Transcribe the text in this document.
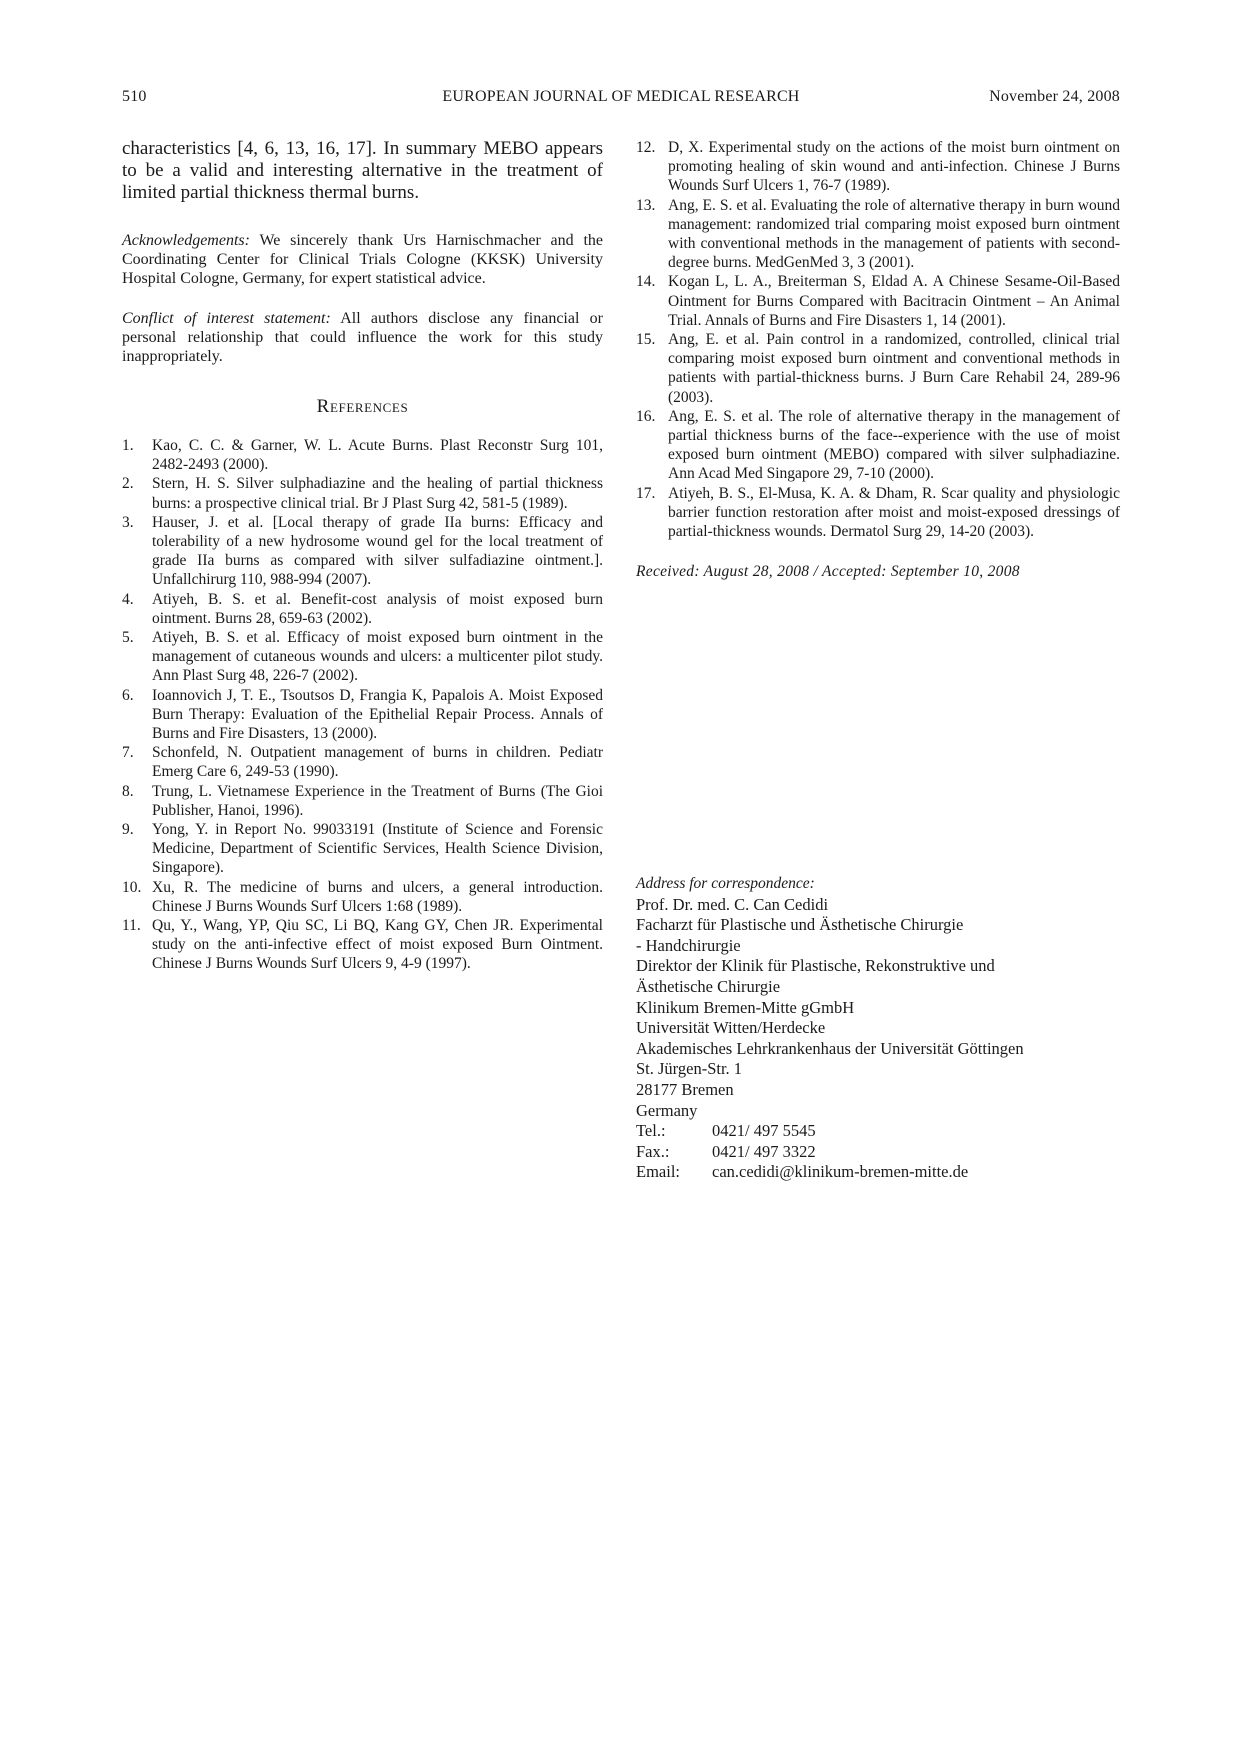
510	EUROPEAN JOURNAL OF MEDICAL RESEARCH	November 24, 2008

characteristics [4, 6, 13, 16, 17]. In summary MEBO appears to be a valid and interesting alternative in the treatment of limited partial thickness thermal burns.

Acknowledgements: We sincerely thank Urs Harnischmacher and the Coordinating Center for Clinical Trials Cologne (KKSK) University Hospital Cologne, Germany, for expert statistical advice.

Conflict of interest statement: All authors disclose any financial or personal relationship that could influence the work for this study inappropriately.

References
1.	Kao, C. C. & Garner, W. L. Acute Burns. Plast Reconstr Surg 101, 2482-2493 (2000).
2.	Stern, H. S. Silver sulphadiazine and the healing of partial thickness burns: a prospective clinical trial. Br J Plast Surg 42, 581-5 (1989).
3.	Hauser, J. et al. [Local therapy of grade IIa burns: Efficacy and tolerability of a new hydrosome wound gel for the local treatment of grade IIa burns as compared with silver sulfadiazine ointment.]. Unfallchirurg 110, 988-994 (2007).
4.	Atiyeh, B. S. et al. Benefit-cost analysis of moist exposed burn ointment. Burns 28, 659-63 (2002).
5.	Atiyeh, B. S. et al. Efficacy of moist exposed burn ointment in the management of cutaneous wounds and ulcers: a multicenter pilot study. Ann Plast Surg 48, 226-7 (2002).
6.	Ioannovich J, T. E., Tsoutsos D, Frangia K, Papalois A. Moist Exposed Burn Therapy: Evaluation of the Epithelial Repair Process. Annals of Burns and Fire Disasters, 13 (2000).
7.	Schonfeld, N. Outpatient management of burns in children. Pediatr Emerg Care 6, 249-53 (1990).
8.	Trung, L. Vietnamese Experience in the Treatment of Burns (The Gioi Publisher, Hanoi, 1996).
9.	Yong, Y. in Report No. 99033191 (Institute of Science and Forensic Medicine, Department of Scientific Services, Health Science Division, Singapore).
10. Xu, R. The medicine of burns and ulcers, a general introduction. Chinese J Burns Wounds Surf Ulcers 1:68 (1989).
11. Qu, Y., Wang, YP, Qiu SC, Li BQ, Kang GY, Chen JR. Experimental study on the anti-infective effect of moist exposed Burn Ointment. Chinese J Burns Wounds Surf Ulcers 9, 4-9 (1997).
12. D, X. Experimental study on the actions of the moist burn ointment on promoting healing of skin wound and anti-infection. Chinese J Burns Wounds Surf Ulcers 1, 76-7 (1989).
13. Ang, E. S. et al. Evaluating the role of alternative therapy in burn wound management: randomized trial comparing moist exposed burn ointment with conventional methods in the management of patients with second-degree burns. MedGenMed 3, 3 (2001).
14. Kogan L, L. A., Breiterman S, Eldad A. A Chinese Sesame-Oil-Based Ointment for Burns Compared with Bacitracin Ointment – An Animal Trial. Annals of Burns and Fire Disasters 1, 14 (2001).
15. Ang, E. et al. Pain control in a randomized, controlled, clinical trial comparing moist exposed burn ointment and conventional methods in patients with partial-thickness burns. J Burn Care Rehabil 24, 289-96 (2003).
16. Ang, E. S. et al. The role of alternative therapy in the management of partial thickness burns of the face--experience with the use of moist exposed burn ointment (MEBO) compared with silver sulphadiazine. Ann Acad Med Singapore 29, 7-10 (2000).
17. Atiyeh, B. S., El-Musa, K. A. & Dham, R. Scar quality and physiologic barrier function restoration after moist and moist-exposed dressings of partial-thickness wounds. Dermatol Surg 29, 14-20 (2003).
Received: August 28, 2008 / Accepted: September 10, 2008
Address for correspondence:
Prof. Dr. med. C. Can Cedidi
Facharzt für Plastische und Ästhetische Chirurgie
- Handchirurgie
Direktor der Klinik für Plastische, Rekonstruktive und
Ästhetische Chirurgie
Klinikum Bremen-Mitte gGmbH
Universität Witten/Herdecke
Akademisches Lehrkrankenhaus der Universität Göttingen
St. Jürgen-Str. 1
28177 Bremen
Germany
Tel.:	0421/ 497 5545
Fax.:	0421/ 497 3322
Email: can.cedidi@klinikum-bremen-mitte.de
